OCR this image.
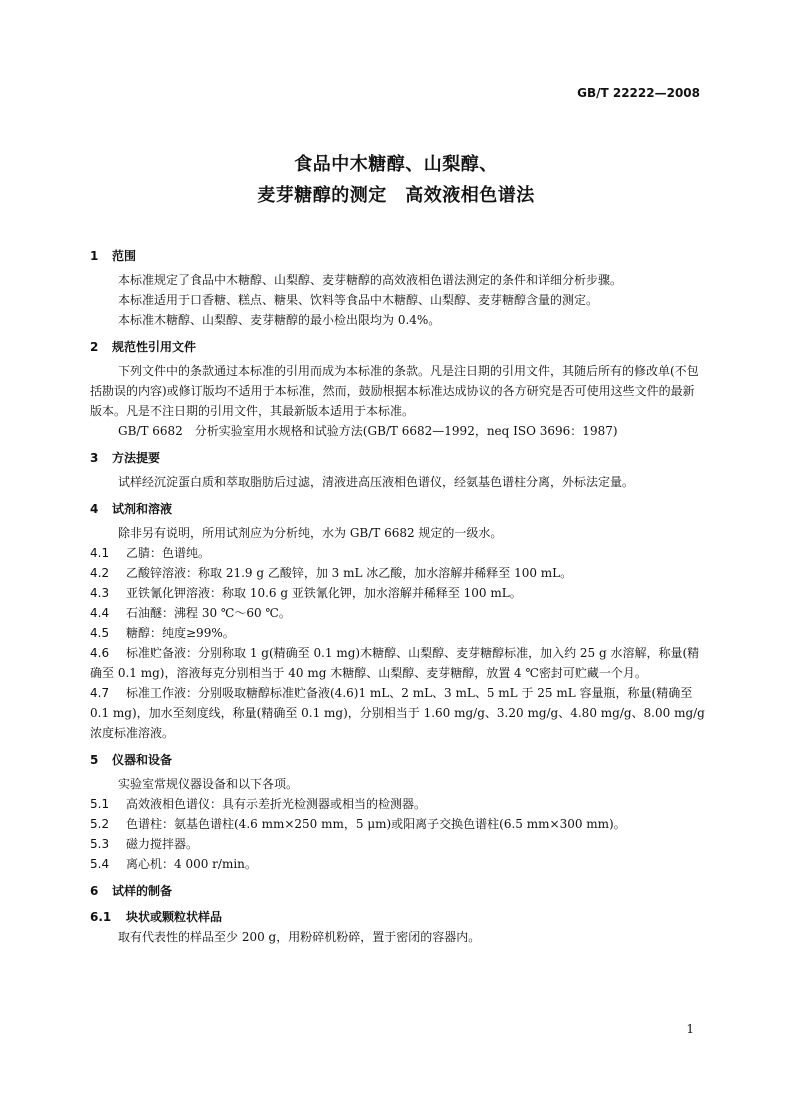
GB/T 22222—2008
食品中木糖醇、山梨醇、
麦芽糖醇的测定　高效液相色谱法
1 范围

本标准规定了食品中木糖醇、山梨醇、麦芽糖醇的高效液相色谱法测定的条件和详细分析步骤。

本标准适用于口香糖、糕点、糖果、饮料等食品中木糖醇、山梨醇、麦芽糖醇含量的测定。

本标准木糖醇、山梨醇、麦芽糖醇的最小检出限均为 0.4%。

2 规范性引用文件

下列文件中的条款通过本标准的引用而成为本标准的条款。凡是注日期的引用文件，其随后所有的修改单(不包括勘误的内容)或修订版均不适用于本标准，然而，鼓励根据本标准达成协议的各方研究是否可使用这些文件的最新版本。凡是不注日期的引用文件，其最新版本适用于本标准。

GB/T 6682　分析实验室用水规格和试验方法(GB/T 6682—1992，neq ISO 3696：1987)

3 方法提要

试样经沉淀蛋白质和萃取脂肪后过滤，清液进高压液相色谱仪，经氨基色谱柱分离，外标法定量。

4 试剂和溶液

除非另有说明，所用试剂应为分析纯，水为 GB/T 6682 规定的一级水。

4.1 乙腈：色谱纯。

4.2 乙酸锌溶液：称取 21.9 g 乙酸锌，加 3 mL 冰乙酸，加水溶解并稀释至 100 mL。

4.3 亚铁氰化钾溶液：称取 10.6 g 亚铁氰化钾，加水溶解并稀释至 100 mL。

4.4 石油醚：沸程 30 ℃～60 ℃。

4.5 糖醇：纯度≥99%。

4.6 标准贮备液：分别称取 1 g(精确至 0.1 mg)木糖醇、山梨醇、麦芽糖醇标准，加入约 25 g 水溶解，称量(精确至 0.1 mg)，溶液每克分别相当于 40 mg 木糖醇、山梨醇、麦芽糖醇，放置 4 ℃密封可贮藏一个月。

4.7 标准工作液：分别吸取糖醇标准贮备液(4.6)1 mL、2 mL、3 mL、5 mL 于 25 mL 容量瓶，称量(精确至 0.1 mg)，加水至刻度线，称量(精确至 0.1 mg)，分别相当于 1.60 mg/g、3.20 mg/g、4.80 mg/g、8.00 mg/g 浓度标准溶液。

5 仪器和设备

实验室常规仪器设备和以下各项。

5.1 高效液相色谱仪：具有示差折光检测器或相当的检测器。

5.2 色谱柱：氨基色谱柱(4.6 mm×250 mm，5 μm)或阳离子交换色谱柱(6.5 mm×300 mm)。

5.3 磁力搅拌器。

5.4 离心机：4 000 r/min。

6 试样的制备
6.1 块状或颗粒状样品

取有代表性的样品至少 200 g，用粉碎机粉碎，置于密闭的容器内。

1
